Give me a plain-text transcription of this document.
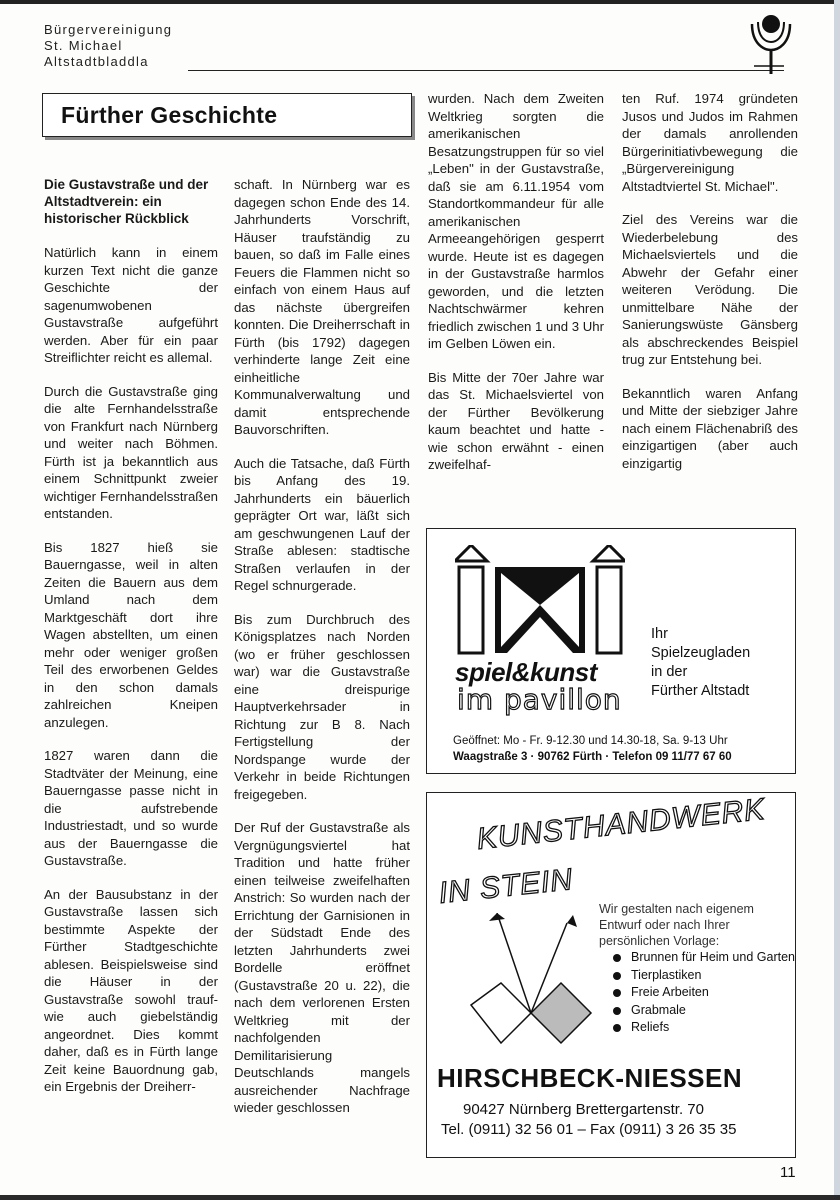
Bürgervereinigung
St. Michael
Altstadtbladdla
Fürther Geschichte
Die Gustavstraße und der Altstadtverein: ein historischer Rückblick

Natürlich kann in einem kurzen Text nicht die ganze Geschichte der sagenumwobenen Gustavstraße aufgeführt werden. Aber für ein paar Streiflichter reicht es allemal.

Durch die Gustavstraße ging die alte Fernhandelsstraße von Frankfurt nach Nürnberg und weiter nach Böhmen. Fürth ist ja bekanntlich aus einem Schnittpunkt zweier wichtiger Fernhandelsstraßen entstanden.

Bis 1827 hieß sie Bauerngasse, weil in alten Zeiten die Bauern aus dem Umland nach dem Marktgeschäft dort ihre Wagen abstellten, um einen mehr oder weniger großen Teil des erworbenen Geldes in den schon damals zahlreichen Kneipen anzulegen.

1827 waren dann die Stadtväter der Meinung, eine Bauerngasse passe nicht in die aufstrebende Industriestadt, und so wurde aus der Bauerngasse die Gustavstraße.

An der Bausubstanz in der Gustavstraße lassen sich bestimmte Aspekte der Fürther Stadtgeschichte ablesen. Beispielsweise sind die Häuser in der Gustavstraße sowohl trauf- wie auch giebelständig angeordnet. Dies kommt daher, daß es in Fürth lange Zeit keine Bauordnung gab, ein Ergebnis der Dreiherr-

schaft. In Nürnberg war es dagegen schon Ende des 14. Jahrhunderts Vorschrift, Häuser traufständig zu bauen, so daß im Falle eines Feuers die Flammen nicht so einfach von einem Haus auf das nächste übergreifen konnten. Die Dreiherrschaft in Fürth (bis 1792) dagegen verhinderte lange Zeit eine einheitliche Kommunalverwaltung und damit entsprechende Bauvorschriften.

Auch die Tatsache, daß Fürth bis Anfang des 19. Jahrhunderts ein bäuerlich geprägter Ort war, läßt sich am geschwungenen Lauf der Straße ablesen: stadtische Straßen verlaufen in der Regel schnurgerade.

Bis zum Durchbruch des Königsplatzes nach Norden (wo er früher geschlossen war) war die Gustavstraße eine dreispurige Hauptverkehrsader in Richtung zur B 8. Nach Fertigstellung der Nordspange wurde der Verkehr in beide Richtungen freigegeben.

Der Ruf der Gustavstraße als Vergnügungsviertel hat Tradition und hatte früher einen teilweise zweifelhaften Anstrich: So wurden nach der Errichtung der Garnisionen in der Südstadt Ende des letzten Jahrhunderts zwei Bordelle eröffnet (Gustavstraße 20 u. 22), die nach dem verlorenen Ersten Weltkrieg mit der nachfolgenden Demilitarisierung Deutschlands mangels ausreichender Nachfrage wieder geschlossen

wurden. Nach dem Zweiten Weltkrieg sorgten die amerikanischen Besatzungstruppen für so viel „Leben" in der Gustavstraße, daß sie am 6.11.1954 vom Standortkommandeur für alle amerikanischen Armeeangehörigen gesperrt wurde. Heute ist es dagegen in der Gustavstraße harmlos geworden, und die letzten Nachtschwärmer kehren friedlich zwischen 1 und 3 Uhr im Gelben Löwen ein.

Bis Mitte der 70er Jahre war das St. Michaelsviertel von der Fürther Bevölkerung kaum beachtet und hatte - wie schon erwähnt - einen zweifelhaf-

ten Ruf. 1974 gründeten Jusos und Judos im Rahmen der damals anrollenden Bürgerinitiativbewegung die „Bürgervereinigung Altstadtviertel St. Michael".

Ziel des Vereins war die Wiederbelebung des Michaelsviertels und die Abwehr der Gefahr einer weiteren Verödung. Die unmittelbare Nähe der Sanierungswüste Gänsberg als abschreckendes Beispiel trug zur Entstehung bei.

Bekanntlich waren Anfang und Mitte der siebziger Jahre nach einem Flächenabriß des einzigartigen (aber auch einzigartig

spiel&kunst
im pavillon
Ihr
Spielzeugladen
in der
Fürther Altstadt
Geöffnet: Mo - Fr. 9-12.30 und 14.30-18, Sa. 9-13 Uhr
Waagstraße 3 · 90762 Fürth · Telefon 09 11/77 67 60
KUNSTHANDWERK
IN STEIN Wir gestalten nach eigenem
Entwurf oder nach Ihrer
persönlichen Vorlage:
Brunnen für Heim und Garten
Tierplastiken
Freie Arbeiten
Grabmale
Reliefs
HIRSCHBECK-NIESSEN
90427 Nürnberg Brettergartenstr. 70
Tel. (0911) 32 56 01 – Fax (0911) 3 26 35 35
11
